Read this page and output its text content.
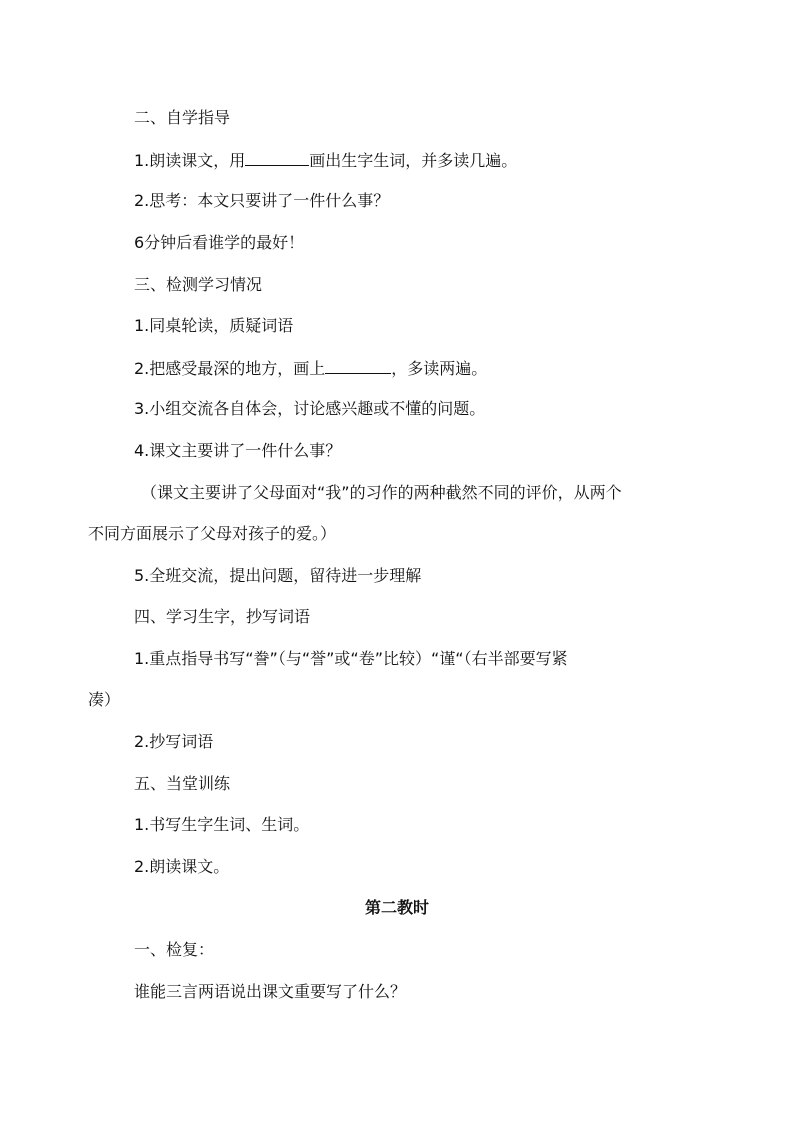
二、自学指导
1.朗读课文，用	画出生字生词，并多读几遍。
2.思考：本文只要讲了一件什么事？
6分钟后看谁学的最好！
三、检测学习情况
1.同桌轮读，质疑词语
2.把感受最深的地方，画上	，多读两遍。
3.小组交流各自体会，讨论感兴趣或不懂的问题。
4.课文主要讲了一件什么事？
（课文主要讲了父母面对“我”的习作的两种截然不同的评价，从两个
不同方面展示了父母对孩子的爱。）
5.全班交流，提出问题，留待进一步理解
四、学习生字，抄写词语
1.重点指导书写“誊”（与“誉”或“卷”比较）“谨“（右半部要写紧
凑）
2.抄写词语
五、当堂训练
1.书写生字生词、生词。
2.朗读课文。
第二教时
一、检复：
谁能三言两语说出课文重要写了什么？
